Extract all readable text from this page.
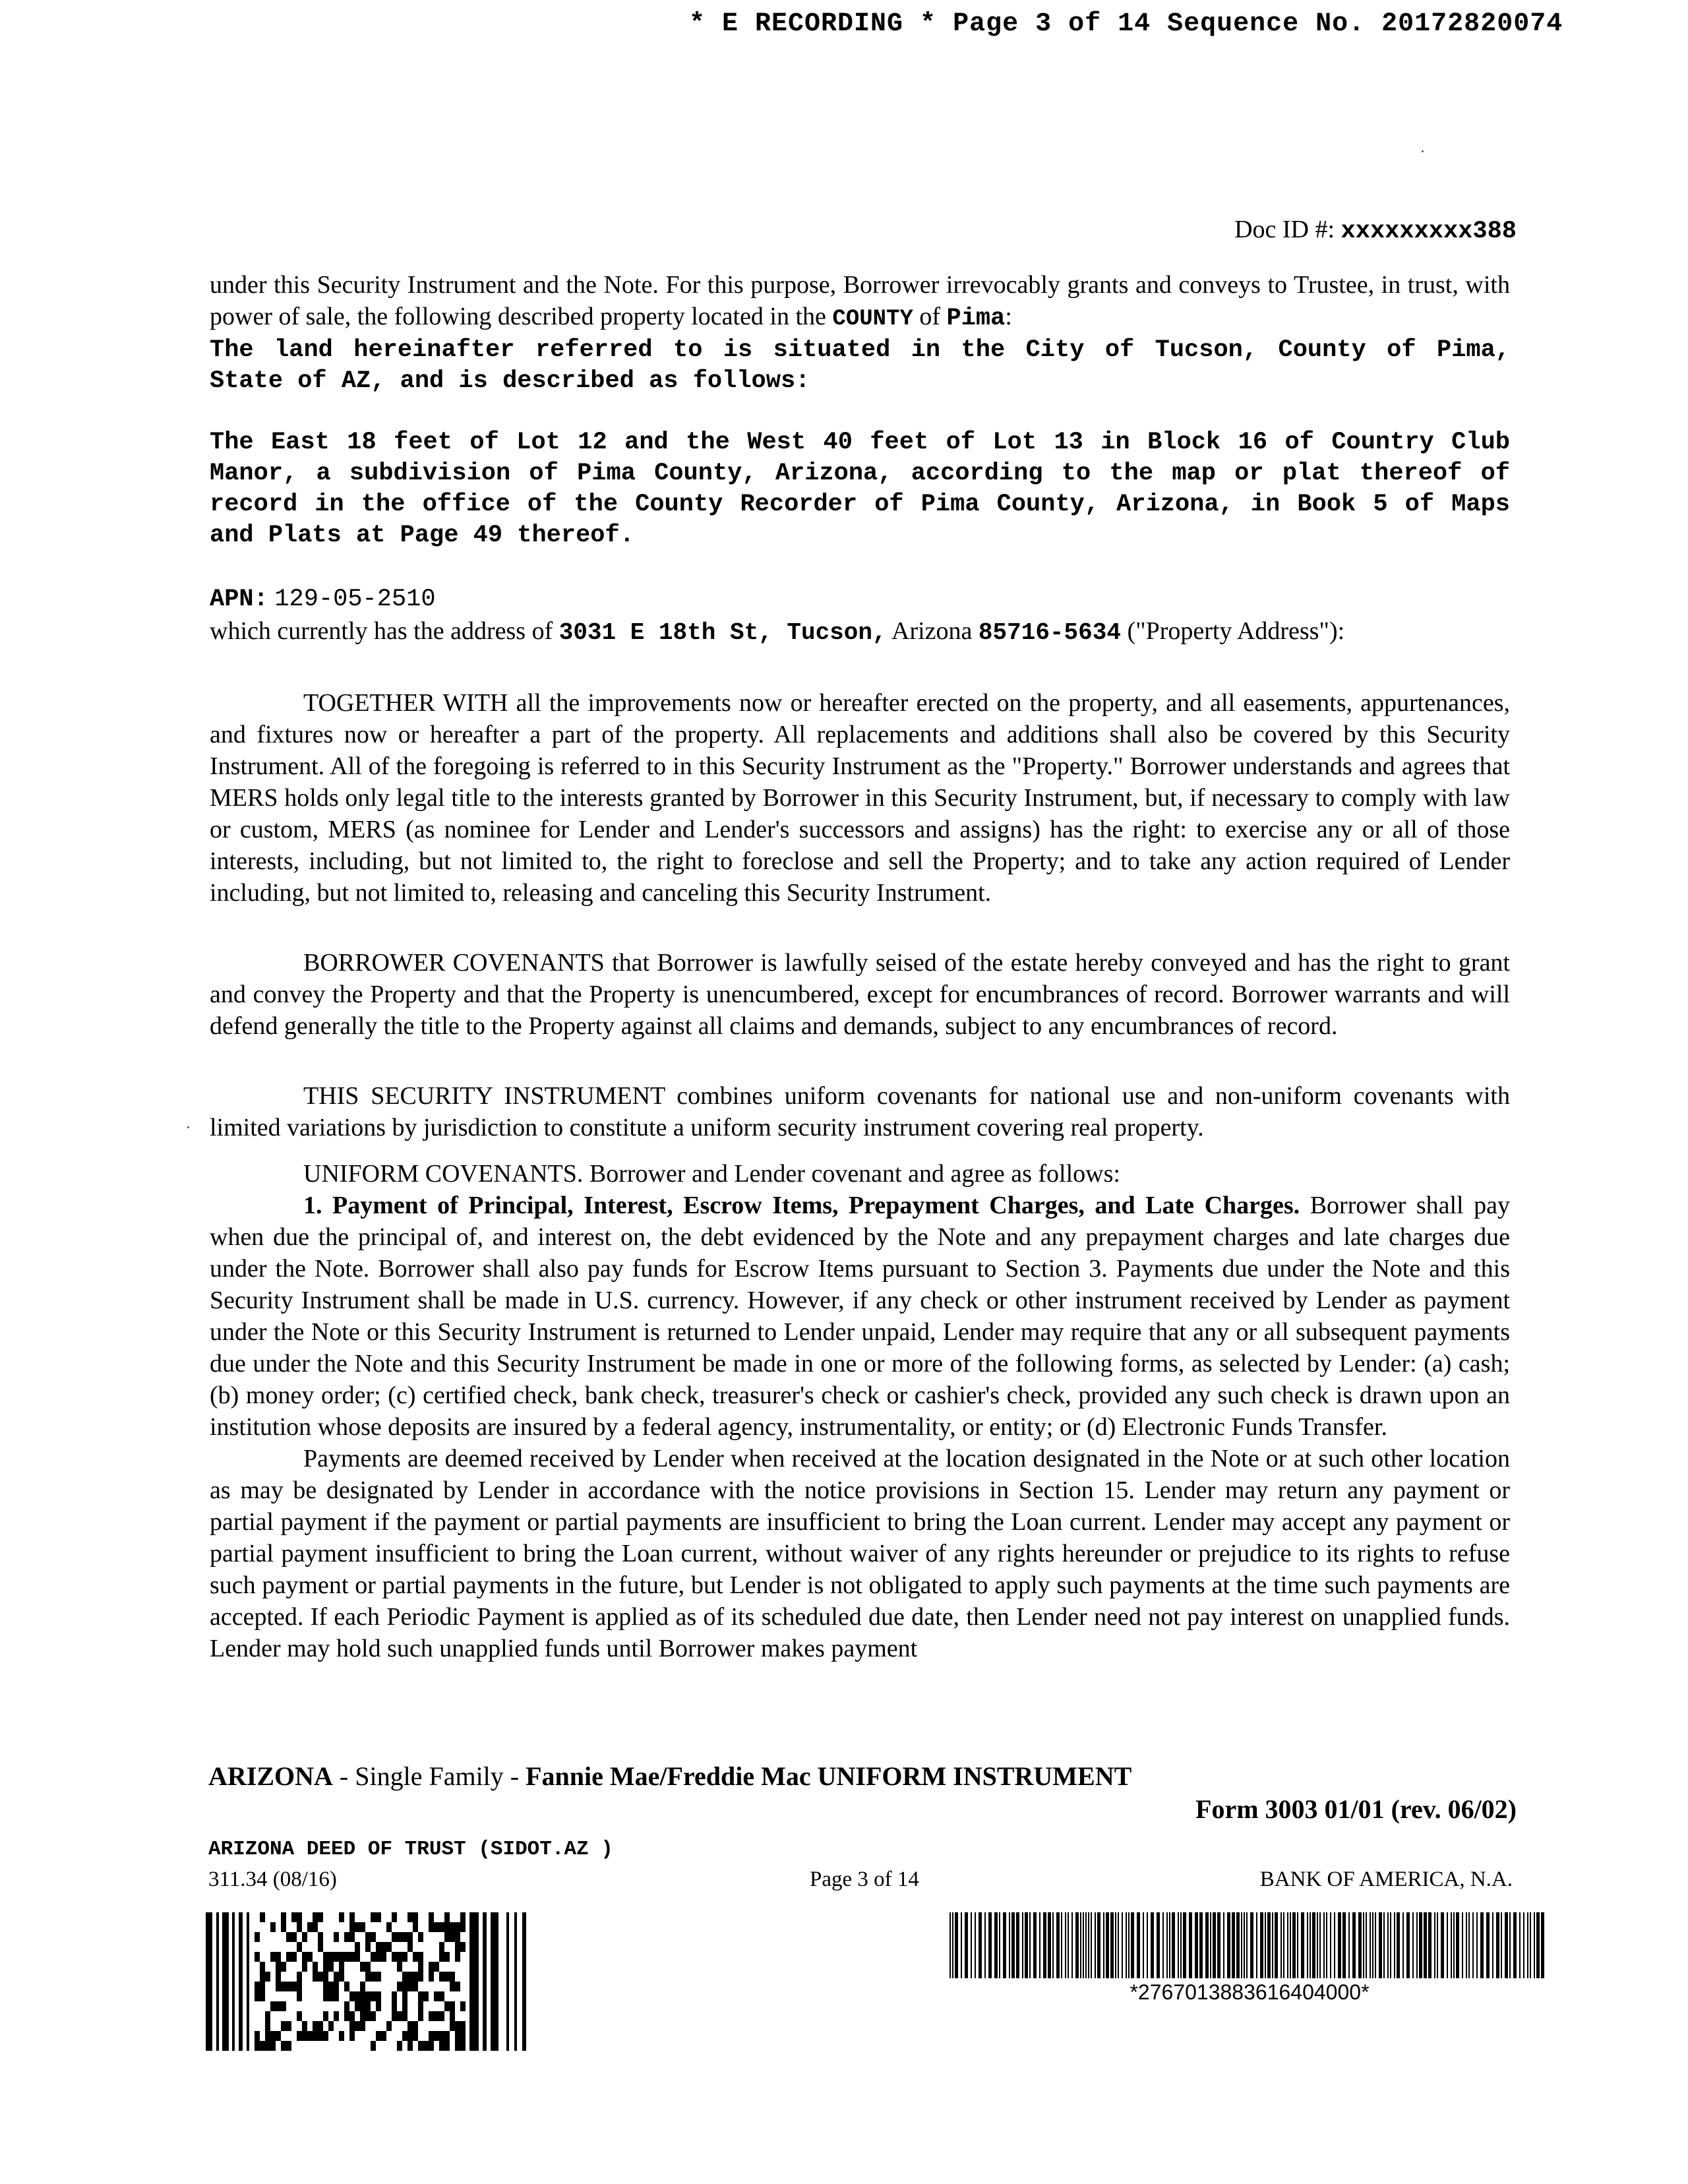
* E RECORDING * Page 3 of 14 Sequence No. 20172820074
Doc ID #: xxxxxxxxx388

under this Security Instrument and the Note. For this purpose, Borrower irrevocably grants and conveys to Trustee, in trust, with power of sale, the following described property located in the COUNTY of Pima:

The land hereinafter referred to is situated in the City of Tucson, County of Pima, State of AZ, and is described as follows:

The East 18 feet of Lot 12 and the West 40 feet of Lot 13 in Block 16 of Country Club Manor, a subdivision of Pima County, Arizona, according to the map or plat thereof of record in the office of the County Recorder of Pima County, Arizona, in Book 5 of Maps and Plats at Page 49 thereof.

APN: 129-05-2510

which currently has the address of 3031 E 18th St, Tucson, Arizona 85716-5634 ("Property Address"):

TOGETHER WITH all the improvements now or hereafter erected on the property, and all easements, appurtenances, and fixtures now or hereafter a part of the property. All replacements and additions shall also be covered by this Security Instrument. All of the foregoing is referred to in this Security Instrument as the "Property." Borrower understands and agrees that MERS holds only legal title to the interests granted by Borrower in this Security Instrument, but, if necessary to comply with law or custom, MERS (as nominee for Lender and Lender's successors and assigns) has the right: to exercise any or all of those interests, including, but not limited to, the right to foreclose and sell the Property; and to take any action required of Lender including, but not limited to, releasing and canceling this Security Instrument.

BORROWER COVENANTS that Borrower is lawfully seised of the estate hereby conveyed and has the right to grant and convey the Property and that the Property is unencumbered, except for encumbrances of record. Borrower warrants and will defend generally the title to the Property against all claims and demands, subject to any encumbrances of record.

THIS SECURITY INSTRUMENT combines uniform covenants for national use and non-uniform covenants with limited variations by jurisdiction to constitute a uniform security instrument covering real property.

UNIFORM COVENANTS. Borrower and Lender covenant and agree as follows:

1. Payment of Principal, Interest, Escrow Items, Prepayment Charges, and Late Charges. Borrower shall pay when due the principal of, and interest on, the debt evidenced by the Note and any prepayment charges and late charges due under the Note. Borrower shall also pay funds for Escrow Items pursuant to Section 3. Payments due under the Note and this Security Instrument shall be made in U.S. currency. However, if any check or other instrument received by Lender as payment under the Note or this Security Instrument is returned to Lender unpaid, Lender may require that any or all subsequent payments due under the Note and this Security Instrument be made in one or more of the following forms, as selected by Lender: (a) cash; (b) money order; (c) certified check, bank check, treasurer's check or cashier's check, provided any such check is drawn upon an institution whose deposits are insured by a federal agency, instrumentality, or entity; or (d) Electronic Funds Transfer.

Payments are deemed received by Lender when received at the location designated in the Note or at such other location as may be designated by Lender in accordance with the notice provisions in Section 15. Lender may return any payment or partial payment if the payment or partial payments are insufficient to bring the Loan current. Lender may accept any payment or partial payment insufficient to bring the Loan current, without waiver of any rights hereunder or prejudice to its rights to refuse such payment or partial payments in the future, but Lender is not obligated to apply such payments at the time such payments are accepted. If each Periodic Payment is applied as of its scheduled due date, then Lender need not pay interest on unapplied funds. Lender may hold such unapplied funds until Borrower makes payment

ARIZONA - Single Family - Fannie Mae/Freddie Mac UNIFORM INSTRUMENT
Form 3003 01/01 (rev. 06/02)
ARIZONA DEED OF TRUST (SIDOT.AZ )
311.34 (08/16)	Page 3 of 14	BANK OF AMERICA, N.A.
*2767013883616404000*
